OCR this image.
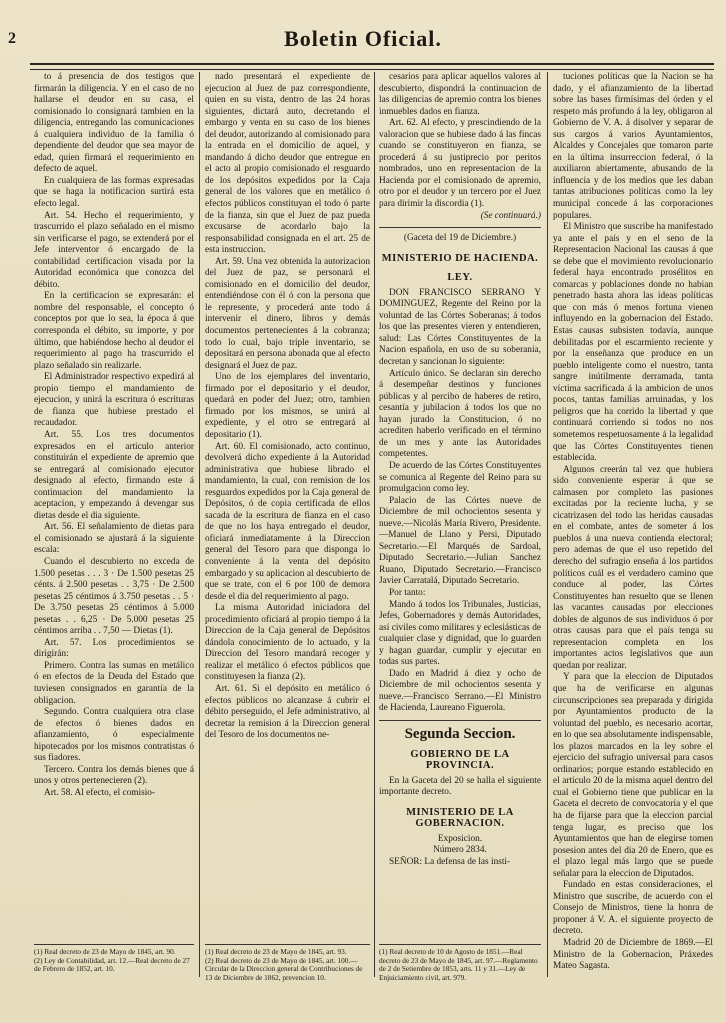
2	Boletin Oficial.

to á presencia de dos testigos que firmarán la diligencia. Y en el caso de no hallarse el deudor en su casa, el comisionado lo consignará tambien en la diligencia, entregando las comunicaciones á cualquiera individuo de la familia ó dependiente del deudor que sea mayor de edad, quien firmará el requerimiento en defecto de aquel.

En cualquiera de las formas expresadas que se haga la notificacion surtirá esta efecto legal.

Art. 54. Hecho el requerimiento, y trascurrido el plazo señalado en el mismo sin verificarse el pago, se extenderá por el Jefe interventor ó encargado de la contabilidad certificacion visada por la Autoridad económica que conozca del débito.

En la certificacion se expresarán: el nombre del responsable, el concepto ó conceptos por que lo sea, la época á que corresponda el débito, su importe, y por último, que habiéndose hecho al deudor el requerimiento al pago ha trascurrido el plazo señalado sin realizarle.

El Administrador respectivo expedirá al propio tiempo el mandamiento de ejecucion, y unirá la escritura ó escrituras de fianza que hubiese prestado el recaudador.

Art. 55. Los tres documentos expresados en el artículo anterior constituirán el expediente de apremio que se entregará al comisionado ejecutor designado al efecto, firmando este á continuacion del mandamiento la aceptacion, y empezando á devengar sus dietas desde el dia siguiente.

Art. 56. El señalamiento de dietas para el comisionado se ajustará á la siguiente escala:

Cuando el descubierto no exceda de 1.500 pesetas . . . 3 · De 1.500 pesetas 25 cénts. á 2.500 pesetas . . 3,75 · De 2.500 pesetas 25 céntimos á 3.750 pesetas . . 5 · De 3.750 pesetas 25 céntimos á 5.000 pesetas . . 6,25 · De 5.000 pesetas 25 céntimos arriba . . 7,50 — Dietas (1).

Art. 57. Los procedimientos se dirigirán:

Primero. Contra las sumas en metálico ó en efectos de la Deuda del Estado que tuviesen consignados en garantía de la obligacion.

Segundo. Contra cualquiera otra clase de efectos ó bienes dados en afianzamiento, ó especialmente hipotecados por los mismos contratistas ó sus fiadores.

Tercero. Contra los demás bienes que á unos y otros pertenecieren (2).

Art. 58. Al efecto, el comisio-

nado presentará el expediente de ejecucion al Juez de paz correspondiente, quien en su vista, dentro de las 24 horas siguientes, dictará auto, decretando el embargo y venta en su caso de los bienes del deudor, autorizando al comisionado para la entrada en el domicilio de aquel, y mandando á dicho deudor que entregue en el acto al propio comisionado el resguardo de los depósitos expedidos por la Caja general de los valores que en metálico ó efectos públicos constituyan el todo ó parte de la fianza, sin que el Juez de paz pueda excusarse de acordarlo bajo la responsabilidad consignada en el art. 25 de esta instruccion.

Art. 59. Una vez obtenida la autorizacion del Juez de paz, se personará el comisionado en el domicilio del deudor, entendiéndose con él ó con la persona que le represente, y procederá ante todo á intervenir el dinero, libros y demás documentos pertenecientes á la cobranza; todo lo cual, bajo triple inventario, se depositará en persona abonada que al efecto designará el Juez de paz.

Uno de los ejemplares del inventario, firmado por el depositario y el deudor, quedará en poder del Juez; otro, tambien firmado por los mismos, se unirá al expediente, y el otro se entregará al depositario (1).

Art. 60. El comisionado, acto contínuo, devolverá dicho expediente á la Autoridad administrativa que hubiese librado el mandamiento, la cual, con remision de los resguardos expedidos por la Caja general de Depósitos, ó de copia certificada de ellos sacada de la escritura de fianza en el caso de que no los haya entregado el deudor, oficiará inmediatamente á la Direccion general del Tesoro para que disponga lo conveniente á la venta del depósito embargado y su aplicacion al descubierto de que se trate, con el 6 por 100 de demora desde el dia del requerimiento al pago.

La misma Autoridad iniciadora del procedimiento oficiará al propio tiempo á la Direccion de la Caja general de Depósitos dándola conocimiento de lo actuado, y la Direccion del Tesoro mandará recoger y realizar el metálico ó efectos públicos que constituyesen la fianza (2).

Art. 61. Si el depósito en metálico ó efectos públicos no alcanzase á cubrir el débito perseguido, el Jefe administrativo, al decretar la remision á la Direccion general del Tesoro de los documentos ne-

cesarios para aplicar aquellos valores al descubierto, dispondrá la continuacion de las diligencias de apremio contra los bienes inmuebles dados en fianza.

Art. 62. Al efecto, y prescindiendo de la valoracion que se hubiese dado á las fincas cuando se constituyeron en fianza, se procederá á su justiprecio por peritos nombrados, uno en representacion de la Hacienda por el comisionado de apremio, otro por el deudor y un tercero por el Juez para dirimir la discordia (1).

(Se continuará.)

(Gaceta del 19 de Diciembre.)

MINISTERIO DE HACIENDA.

LEY.

DON FRANCISCO SERRANO Y DOMINGUEZ, Regente del Reino por la voluntad de las Córtes Soberanas; á todos los que las presentes vieren y entendieren, salud: Las Córtes Constituyentes de la Nacion española, en uso de su soberanía, decretan y sancionan lo siguiente:

Artículo único. Se declaran sin derecho á desempeñar destinos y funciones públicas y al percibo de haberes de retiro, cesantía y jubilacion á todos los que no hayan jurado la Constitucion, ó no acrediten haberlo verificado en el término de un mes y ante las Autoridades competentes.

De acuerdo de las Córtes Constituyentes se comunica al Regente del Reino para su promulgacion como ley.

Palacio de las Córtes nueve de Diciembre de mil ochocientos sesenta y nueve.—Nicolás María Rivero, Presidente.—Manuel de Llano y Persi, Diputado Secretario.—El Marqués de Sardoal, Diputado Secretario.—Julian Sanchez Ruano, Diputado Secretario.—Francisco Javier Carratalá, Diputado Secretario.

Por tanto:

Mando á todos los Tribunales, Justicias, Jefes, Gobernadores y demás Autoridades, así civiles como militares y eclesiásticas de cualquier clase y dignidad, que lo guarden y hagan guardar, cumplir y ejecutar en todas sus partes.

Dado en Madrid á diez y ocho de Diciembre de mil ochocientos sesenta y nueve.—Francisco Serrano.—El Ministro de Hacienda, Laureano Figuerola.

Segunda Seccion.

GOBIERNO DE LA PROVINCIA.

En la Gaceta del 20 se halla el siguiente importante decreto.

MINISTERIO DE LA GOBERNACION.

Exposicion.

Número 2834.

SEÑOR: La defensa de las insti-

tuciones políticas que la Nacion se ha dado, y el afianzamiento de la libertad sobre las bases firmísimas del órden y el respeto más profundo á la ley, obligaron al Gobierno de V. A. á disolver y separar de sus cargos á varios Ayuntamientos, Alcaldes y Concejales que tomaron parte en la última insurreccion federal, ó la auxiliaron abiertamente, abusando de la influencia y de los medios que les daban tantas atribuciones políticas como la ley municipal concede á las corporaciones populares.

El Ministro que suscribe ha manifestado ya ante el país y en el seno de la Representacion Nacional las causas á que se debe que el movimiento revolucionario federal haya encontrado prosélitos en comarcas y poblaciones donde no habian penetrado hasta ahora las ideas políticas que con más ó menos fortuna vienen influyendo en la gobernacion del Estado. Estas causas subsisten todavía, aunque debilitadas por el escarmiento reciente y por la enseñanza que produce en un pueblo inteligente como el nuestro, tanta sangre inútilmente derramada, tanta víctima sacrificada á la ambicion de unos pocos, tantas familias arruinadas, y los peligros que ha corrido la libertad y que continuará corriendo si todos no nos sometemos respetuosamente á la legalidad que las Córtes Constituyentes tienen establecida.

Algunos creerán tal vez que hubiera sido conveniente esperar á que se calmasen por completo las pasiones excitadas por la reciente lucha, y se cicatrizasen del todo las heridas causadas en el combate, antes de someter á los pueblos á una nueva contienda electoral; pero ademas de que el uso repetido del derecho del sufragio enseña á los partidos políticos cuál es el verdadero camino que conduce al poder, las Córtes Constituyentes han resuelto que se llenen las vacantes causadas por elecciones dobles de algunos de sus individuos ó por otras causas para que el país tenga su representacion completa en los importantes actos legislativos que aun quedan por realizar.

Y para que la eleccion de Diputados que ha de verificarse en algunas circunscripciones sea preparada y dirigida por Ayuntamientos producto de la voluntad del pueblo, es necesario acortar, en lo que sea absolutamente indispensable, los plazos marcados en la ley sobre el ejercicio del sufragio universal para casos ordinarios; porque estando establecido en el artículo 20 de la misma aquel dentro del cual el Gobierno tiene que publicar en la Gaceta el decreto de convocatoria y el que ha de fijarse para que la eleccion parcial tenga lugar, es preciso que los Ayuntamientos que han de elegirse tomen posesion antes del dia 20 de Enero, que es el plazo legal más largo que se puede señalar para la eleccion de Diputados.

Fundado en estas consideraciones, el Ministro que suscribe, de acuerdo con el Consejo de Ministros, tiene la honra de proponer á V. A. el siguiente proyecto de decreto.

Madrid 20 de Diciembre de 1869.—El Ministro de la Gobernacion, Práxedes Mateo Sagasta.

(1) Real decreto de 23 de Mayo de 1845, art. 90.

(2) Ley de Contabilidad, art. 12.—Real decreto de 27 de Febrero de 1852, art. 10.

(1) Real decreto de 23 de Mayo de 1845, art. 93.

(2) Real decreto de 23 de Mayo de 1845, art. 100.—Circular de la Direccion general de Contribuciones de 13 de Diciembre de 1862, prevencion 10.

(1) Real decreto de 10 de Agosto de 1851.—Real decreto de 23 de Mayo de 1845, art. 97.—Reglamento de 2 de Setiembre de 1853, arts. 11 y 31.—Ley de Enjuiciamiento civil, art. 979.
